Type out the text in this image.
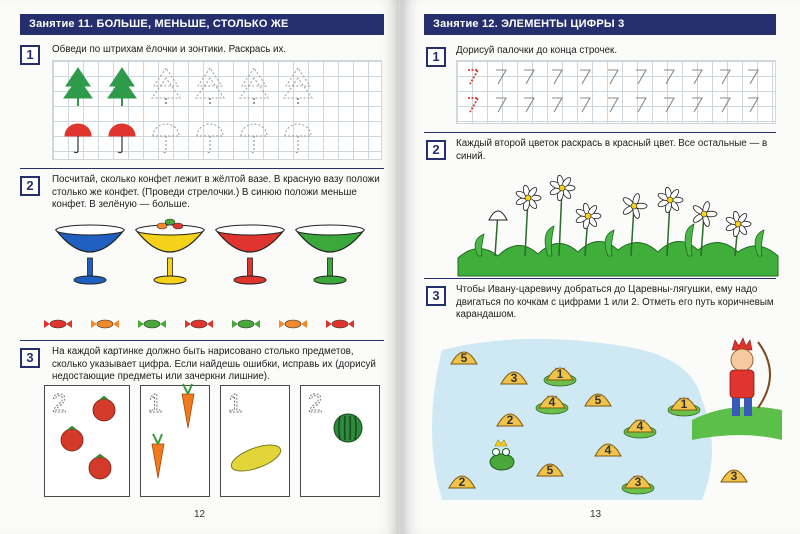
Занятие 11. БОЛЬШЕ, МЕНЬШЕ, СТОЛЬКО ЖЕ
1	Обведи по штрихам ёлочки и зонтики. Раскрась их.
2	Посчитай, сколько конфет лежит в жёлтой вазе. В красную вазу положи столько же конфет. (Проведи стрелочки.) В синюю положи меньше конфет. В зелёную — больше.
3	На каждой картинке должно быть нарисовано столько предметов, сколько указывает цифра. Если найдешь ошибки, исправь их (дорисуй недостающие предметы или зачеркни лишние).
2	1	1	2
12
Занятие 12. ЭЛЕМЕНТЫ ЦИФРЫ 3
1	Дорисуй палочки до конца строчек.
2	Каждый второй цветок раскрась в красный цвет. Все остальные — в синий.
3	Чтобы Ивану-царевичу добраться до Царевны-лягушки, ему надо двигаться по кочкам с цифрами 1 или 2. Отметь его путь коричневым карандашом.
5
3	1
4
2
5
4
1
4
2
5
3	3
13
